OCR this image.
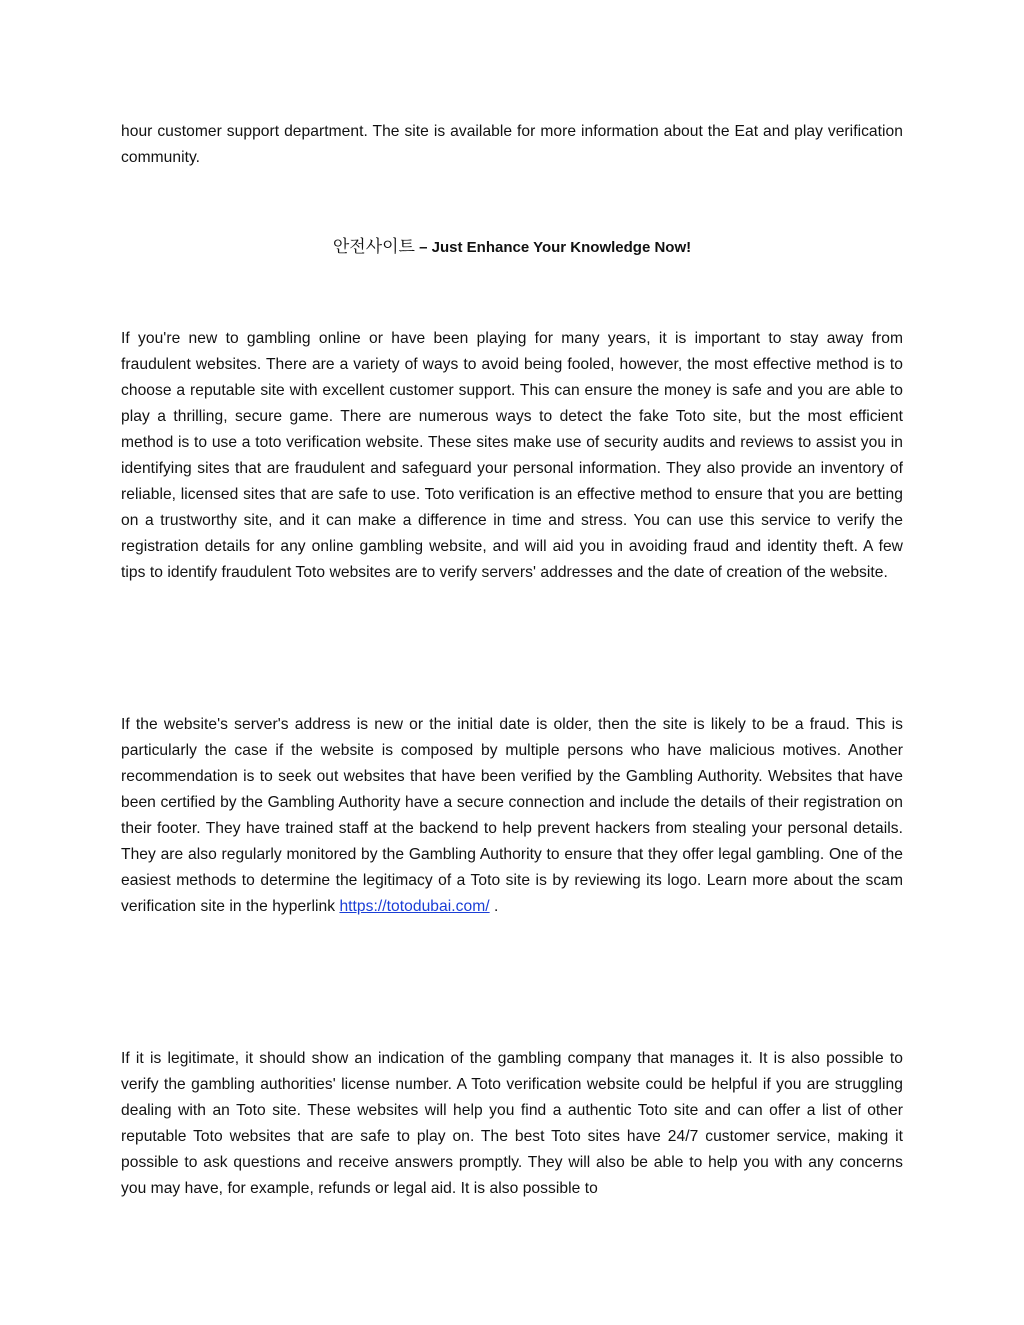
hour customer support department. The site is available for more information about the Eat and play verification community.

안전사이트 – Just Enhance Your Knowledge Now!

If you're new to gambling online or have been playing for many years, it is important to stay away from fraudulent websites. There are a variety of ways to avoid being fooled, however, the most effective method is to choose a reputable site with excellent customer support. This can ensure the money is safe and you are able to play a thrilling, secure game. There are numerous ways to detect the fake Toto site, but the most efficient method is to use a toto verification website. These sites make use of security audits and reviews to assist you in identifying sites that are fraudulent and safeguard your personal information. They also provide an inventory of reliable, licensed sites that are safe to use. Toto verification is an effective method to ensure that you are betting on a trustworthy site, and it can make a difference in time and stress. You can use this service to verify the registration details for any online gambling website, and will aid you in avoiding fraud and identity theft. A few tips to identify fraudulent Toto websites are to verify servers' addresses and the date of creation of the website.

If the website's server's address is new or the initial date is older, then the site is likely to be a fraud. This is particularly the case if the website is composed by multiple persons who have malicious motives. Another recommendation is to seek out websites that have been verified by the Gambling Authority. Websites that have been certified by the Gambling Authority have a secure connection and include the details of their registration on their footer. They have trained staff at the backend to help prevent hackers from stealing your personal details. They are also regularly monitored by the Gambling Authority to ensure that they offer legal gambling. One of the easiest methods to determine the legitimacy of a Toto site is by reviewing its logo. Learn more about the scam verification site in the hyperlink https://totodubai.com/ .

If it is legitimate, it should show an indication of the gambling company that manages it. It is also possible to verify the gambling authorities' license number. A Toto verification website could be helpful if you are struggling dealing with an Toto site. These websites will help you find a authentic Toto site and can offer a list of other reputable Toto websites that are safe to play on. The best Toto sites have 24/7 customer service, making it possible to ask questions and receive answers promptly. They will also be able to help you with any concerns you may have, for example, refunds or legal aid. It is also possible to
